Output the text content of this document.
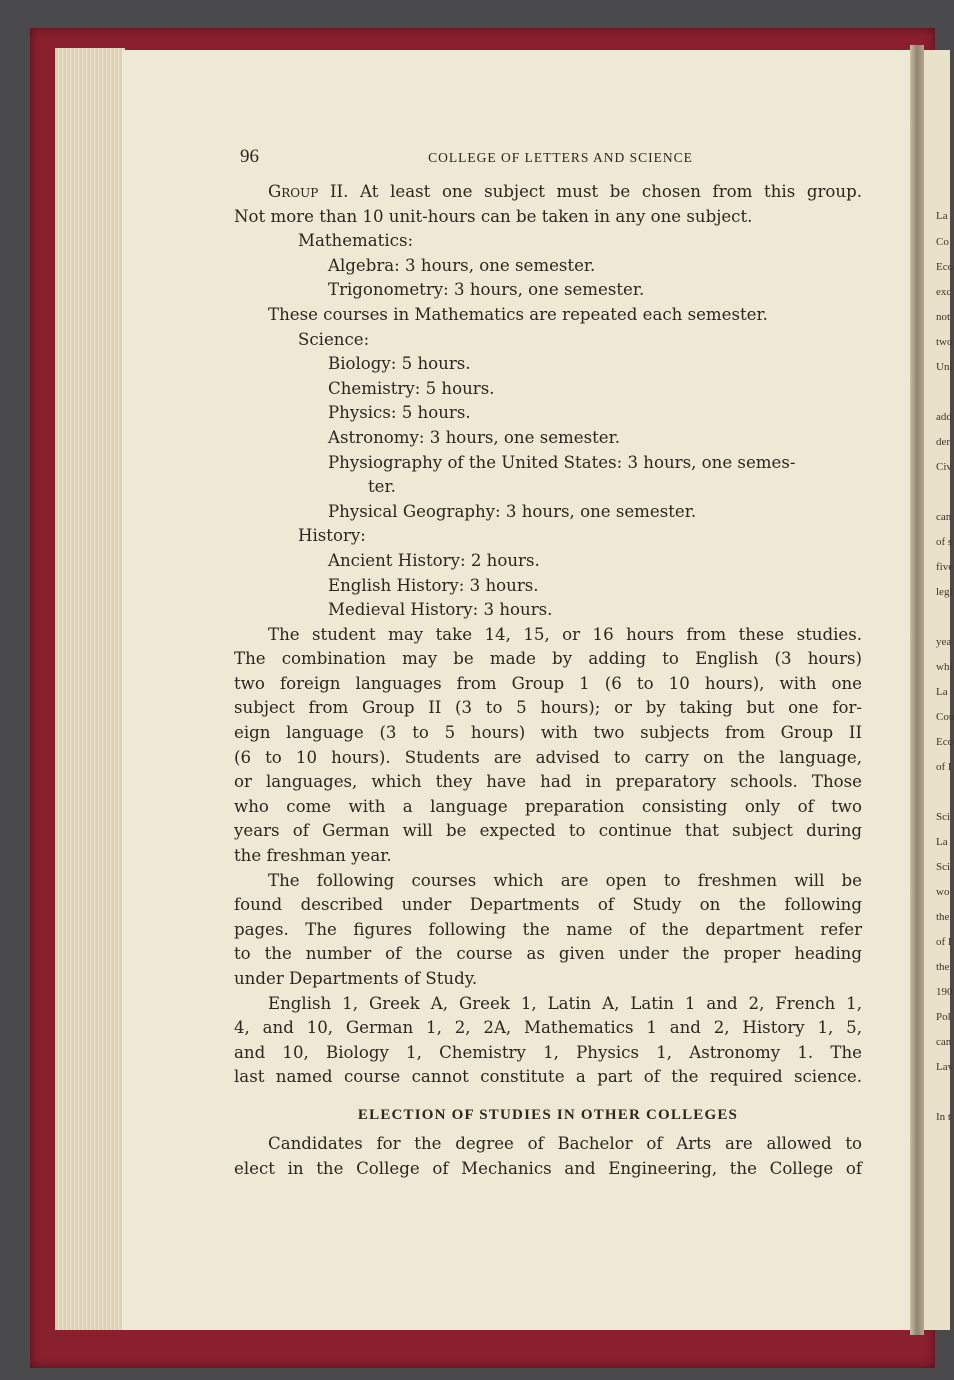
La
Co
Eco
exc
not
two
Uni
add
der
Civ
can
of s
five
legi
yea
whi
La
Cou
Eco
of I
Sci
La
Sci
wo
the
of I
the
190
Pol
can
Lav
In t
96	COLLEGE OF LETTERS AND SCIENCE
Group II. At least one subject must be chosen from this group.
Not more than 10 unit-hours can be taken in any one subject.
Mathematics:
Algebra: 3 hours, one semester.
Trigonometry: 3 hours, one semester.
These courses in Mathematics are repeated each semester.
Science:
Biology: 5 hours.
Chemistry: 5 hours.
Physics: 5 hours.
Astronomy: 3 hours, one semester.
Physiography of the United States: 3 hours, one semes-
ter.
Physical Geography: 3 hours, one semester.
History:
Ancient History: 2 hours.
English History: 3 hours.
Medieval History: 3 hours.
The student may take 14, 15, or 16 hours from these studies.
The combination may be made by adding to English (3 hours)
two foreign languages from Group 1 (6 to 10 hours), with one
subject from Group II (3 to 5 hours); or by taking but one for-
eign language (3 to 5 hours) with two subjects from Group II
(6 to 10 hours). Students are advised to carry on the language,
or languages, which they have had in preparatory schools. Those
who come with a language preparation consisting only of two
years of German will be expected to continue that subject during
the freshman year.
The following courses which are open to freshmen will be
found described under Departments of Study on the following
pages. The figures following the name of the department refer
to the number of the course as given under the proper heading
under Departments of Study.
English 1, Greek A, Greek 1, Latin A, Latin 1 and 2, French 1,
4, and 10, German 1, 2, 2A, Mathematics 1 and 2, History 1, 5,
and 10, Biology 1, Chemistry 1, Physics 1, Astronomy 1. The
last named course cannot constitute a part of the required science.
ELECTION OF STUDIES IN OTHER COLLEGES
Candidates for the degree of Bachelor of Arts are allowed to
elect in the College of Mechanics and Engineering, the College of
